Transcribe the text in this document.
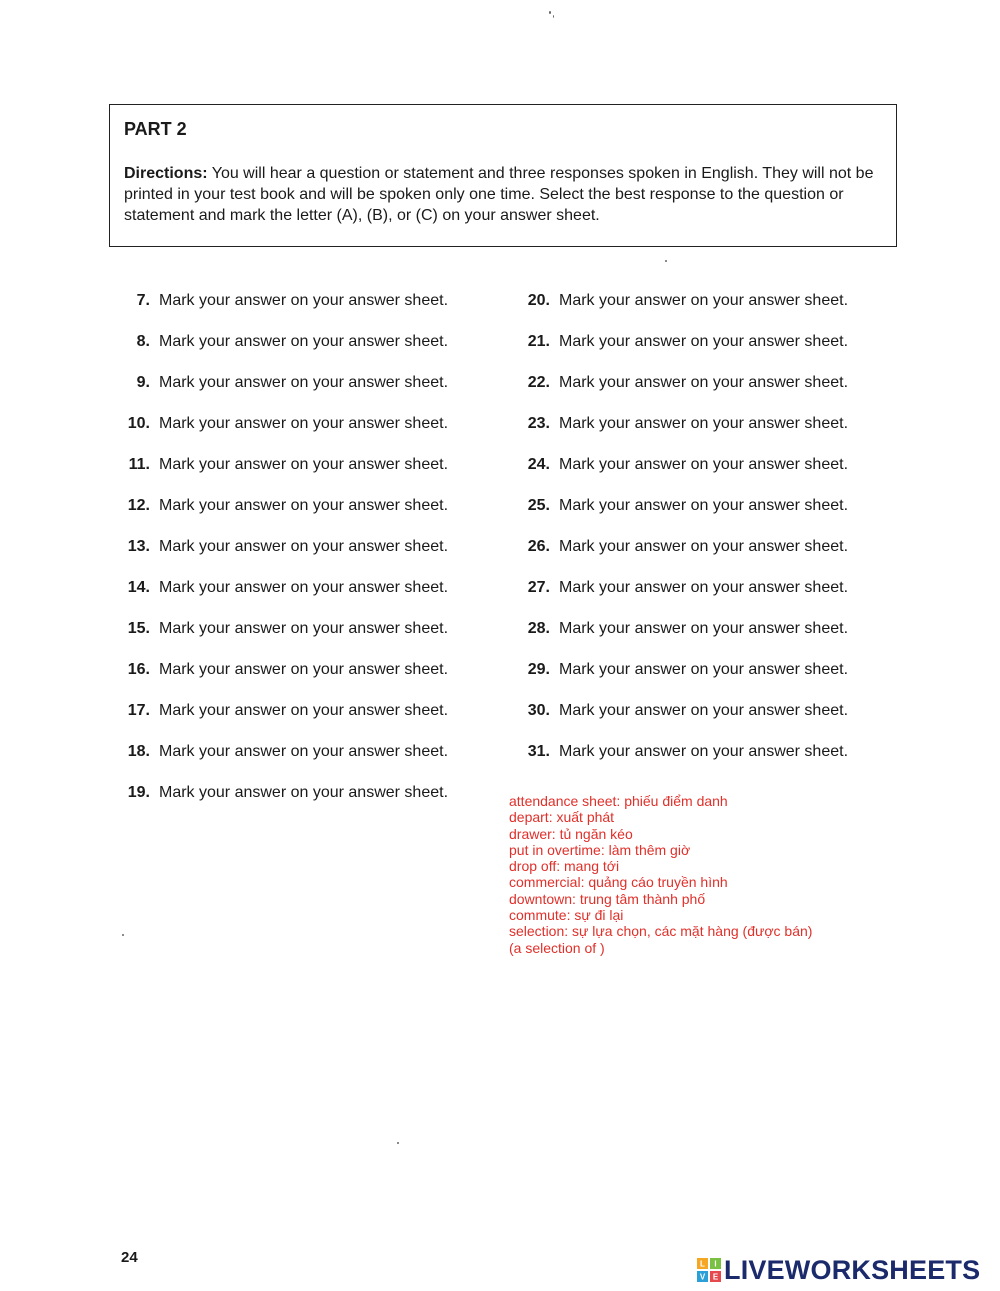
PART 2

Directions: You will hear a question or statement and three responses spoken in English. They will not be printed in your test book and will be spoken only one time. Select the best response to the question or statement and mark the letter (A), (B), or (C) on your answer sheet.

7. Mark your answer on your answer sheet.
8. Mark your answer on your answer sheet.
9. Mark your answer on your answer sheet.
10. Mark your answer on your answer sheet.
11. Mark your answer on your answer sheet.
12. Mark your answer on your answer sheet.
13. Mark your answer on your answer sheet.
14. Mark your answer on your answer sheet.
15. Mark your answer on your answer sheet.
16. Mark your answer on your answer sheet.
17. Mark your answer on your answer sheet.
18. Mark your answer on your answer sheet.
19. Mark your answer on your answer sheet.
20. Mark your answer on your answer sheet.
21. Mark your answer on your answer sheet.
22. Mark your answer on your answer sheet.
23. Mark your answer on your answer sheet.
24. Mark your answer on your answer sheet.
25. Mark your answer on your answer sheet.
26. Mark your answer on your answer sheet.
27. Mark your answer on your answer sheet.
28. Mark your answer on your answer sheet.
29. Mark your answer on your answer sheet.
30. Mark your answer on your answer sheet.
31. Mark your answer on your answer sheet.
attendance sheet: phiếu điểm danh
depart: xuất phát
drawer: tủ ngăn kéo
put in overtime: làm thêm giờ
drop off: mang tới
commercial: quảng cáo truyền hình
downtown: trung tâm thành phố
commute: sự đi lại
selection: sự lựa chọn, các mặt hàng (được bán)
(a selection of )
24	L I
V E LIVEWORKSHEETS
